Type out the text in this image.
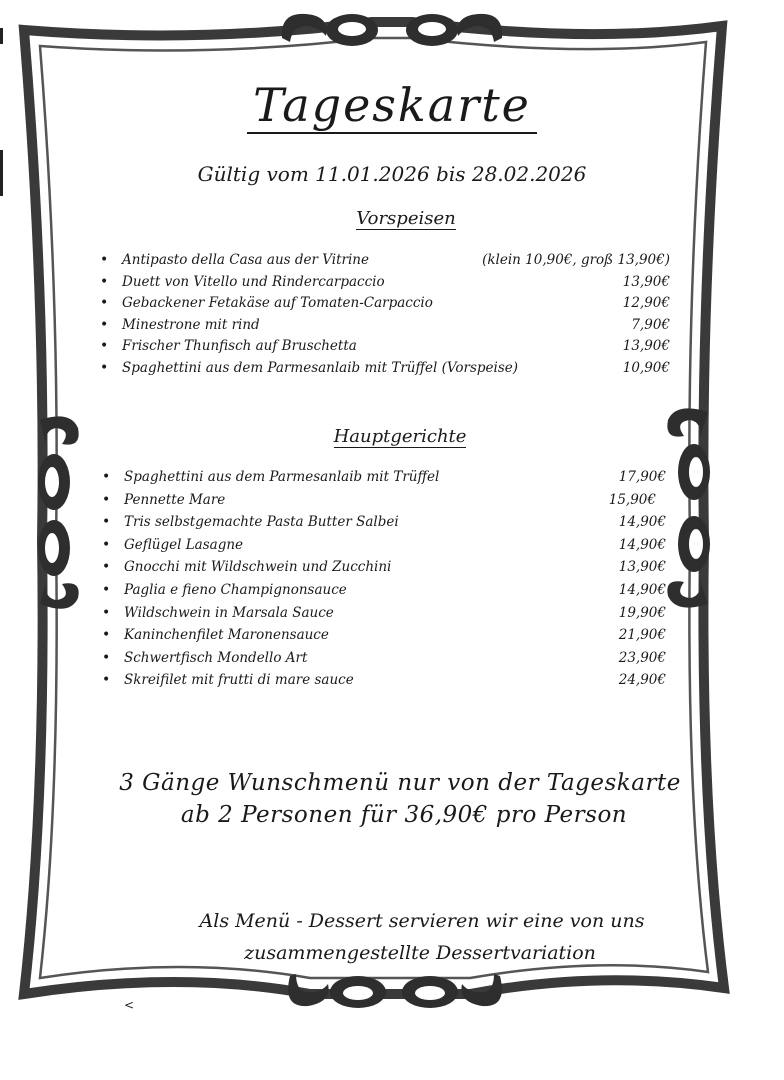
Tageskarte
Gültig vom 11.01.2026 bis 28.02.2026
Vorspeisen
• Antipasto della Casa aus der Vitrine	(klein 10,90€, groß 13,90€)
• Duett von Vitello und Rindercarpaccio	13,90€
• Gebackener Fetakäse auf Tomaten-Carpaccio	12,90€
• Minestrone mit rind	7,90€
• Frischer Thunfisch auf Bruschetta	13,90€
• Spaghettini aus dem Parmesanlaib mit Trüffel (Vorspeise)	10,90€
Hauptgerichte
• Spaghettini aus dem Parmesanlaib mit Trüffel	17,90€
• Pennette Mare	15,90€
• Tris selbstgemachte Pasta Butter Salbei	14,90€
• Geflügel Lasagne	14,90€
• Gnocchi mit Wildschwein und Zucchini	13,90€
• Paglia e fieno Champignonsauce	14,90€
• Wildschwein in Marsala Sauce	19,90€
• Kaninchenfilet Maronensauce	21,90€
• Schwertfisch Mondello Art	23,90€
• Skreifilet mit frutti di mare sauce	24,90€
3 Gänge Wunschmenü nur von der Tageskarte
ab 2 Personen für 36,90€ pro Person
Als Menü - Dessert servieren wir eine von uns
zusammengestellte Dessertvariation
<
